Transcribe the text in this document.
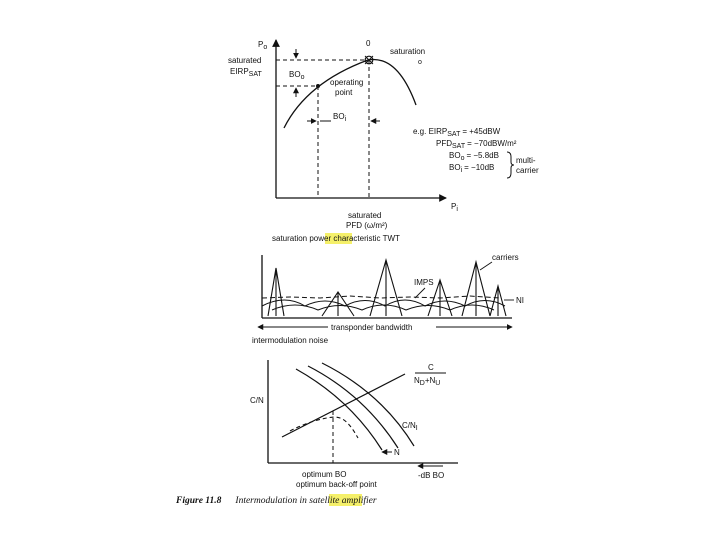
Po
Pi
0
BOo
BOi
saturated
EIRPSAT
operating
point
saturation
o
saturated
PFD (ω/m²)
e.g. EIRPSAT = +45dBW
PFDSAT = −70dBW/m²
BOo = −5.8dB
BOi = −10dB
multi-
carrier
saturation power characteristic TWT
carriers
IMPS
NI
transponder bandwidth
intermodulation noise
C/N
C
ND+NU
C/NI
N
-dB BO
optimum BO
optimum back-off point
Figure 11.8 Intermodulation in satellite amplifier
